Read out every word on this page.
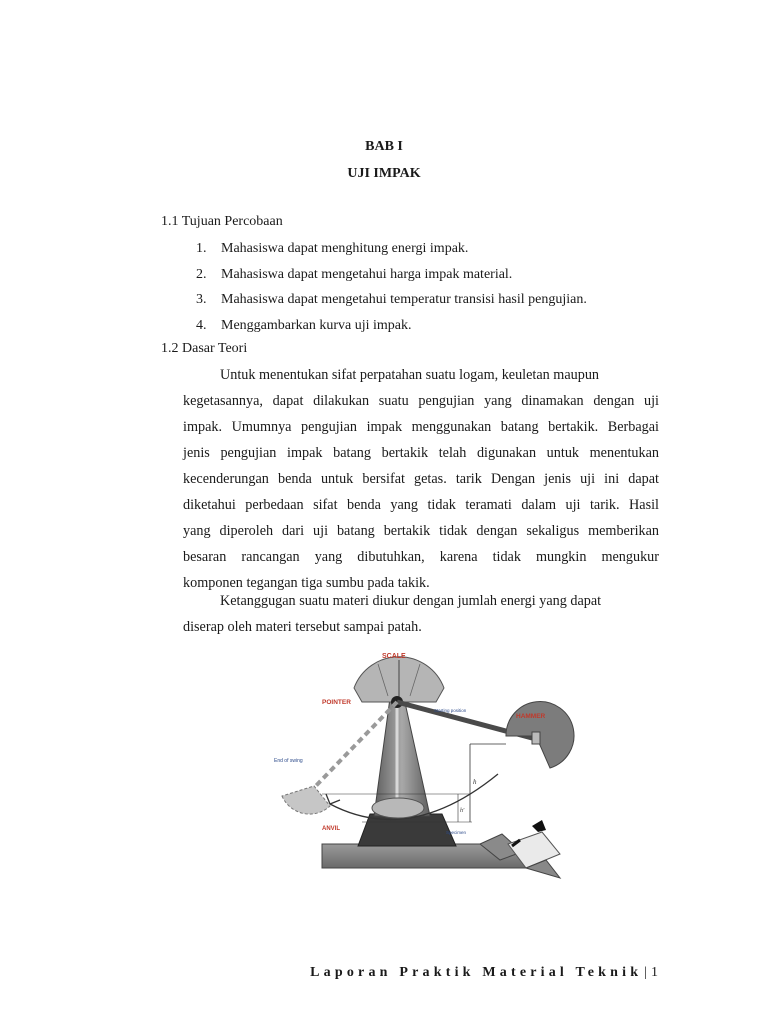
BAB I
UJI IMPAK
1.1 Tujuan Percobaan
1. Mahasiswa dapat menghitung energi impak.
2. Mahasiswa dapat mengetahui harga impak material.
3. Mahasiswa dapat mengetahui temperatur transisi hasil pengujian.
4. Menggambarkan kurva uji impak.
1.2 Dasar Teori

Untuk menentukan sifat perpatahan suatu logam, keuletan maupun
kegetasannya, dapat dilakukan suatu pengujian yang dinamakan dengan uji
impak. Umumnya pengujian impak menggunakan batang bertakik. Berbagai
jenis pengujian impak batang bertakik telah digunakan untuk menentukan
kecenderungan benda untuk bersifat getas. tarik Dengan jenis uji ini dapat
diketahui perbedaan sifat benda yang tidak teramati dalam uji tarik. Hasil
yang diperoleh dari uji batang bertakik tidak dengan sekaligus memberikan
besaran rancangan yang dibutuhkan, karena tidak mungkin mengukur
komponen tegangan tiga sumbu pada takik.

Ketanggugan suatu materi diukur dengan jumlah energi yang dapat
diserap oleh materi tersebut sampai patah.

SCALE
POINTER
HAMMER
Starting position
End of swing
ANVIL
Specimen
h
h'
Laporan Praktik Material Teknik | 1
